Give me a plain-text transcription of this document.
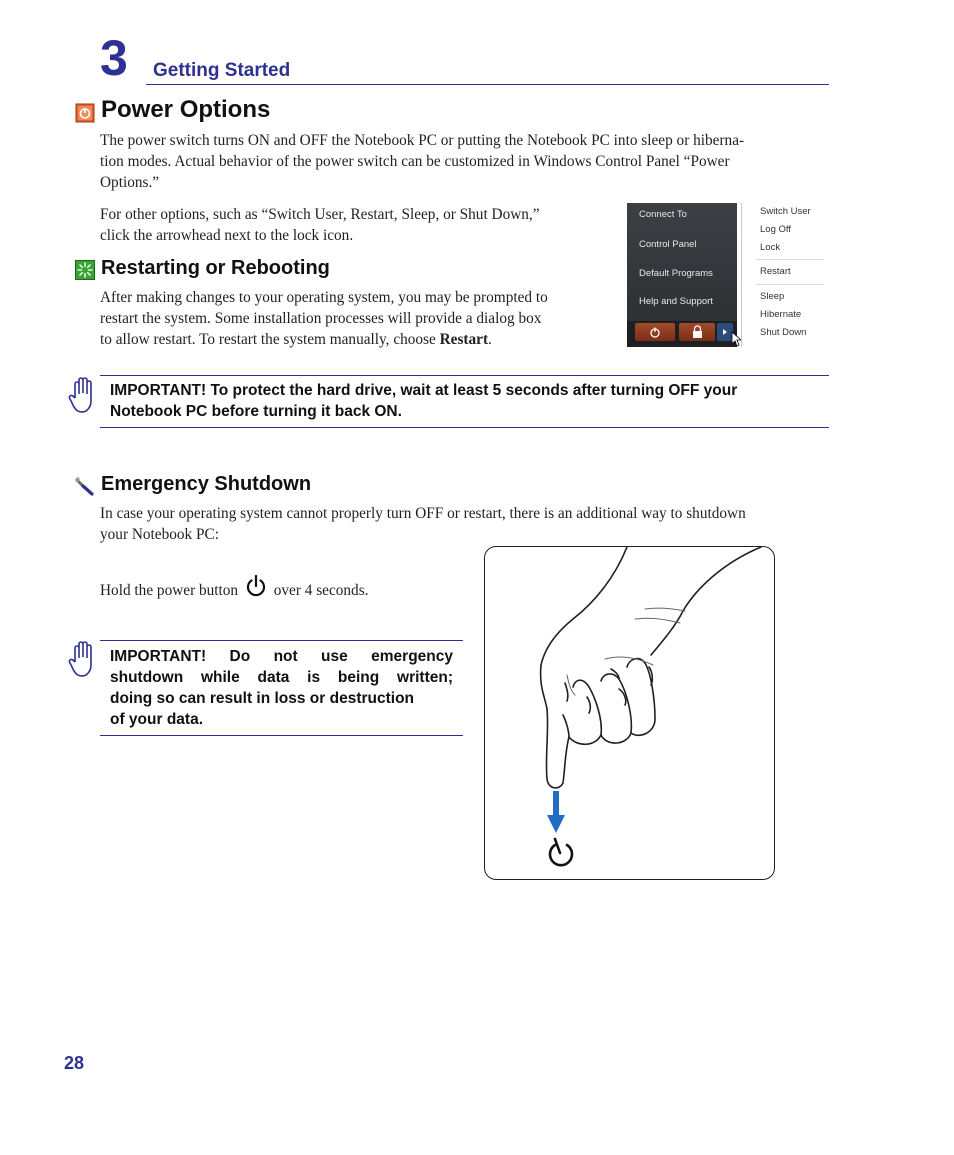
3 Getting Started
Power Options
The power switch turns ON and OFF the Notebook PC or putting the Notebook PC into sleep or hiberna-
tion modes. Actual behavior of the power switch can be customized in Windows Control Panel “Power
Options.”
For other options, such as “Switch User, Restart, Sleep, or Shut Down,”
click the arrowhead next to the lock icon.
Connect To
Control Panel
Default Programs
Help and Support
Switch User
Log Off
Lock
Restart
Sleep
Hibernate
Shut Down
Restarting or Rebooting
After making changes to your operating system, you may be prompted to
restart the system. Some installation processes will provide a dialog box
to allow restart. To restart the system manually, choose Restart.
IMPORTANT! To protect the hard drive, wait at least 5 seconds after turning OFF your
Notebook PC before turning it back ON.
Emergency Shutdown
In case your operating system cannot properly turn OFF or restart, there is an additional way to shutdown
your Notebook PC:
Hold the power button over 4 seconds.
IMPORTANT! Do not use emergency
shutdown while data is being written;
doing so can result in loss or destruction
of your data.
28
